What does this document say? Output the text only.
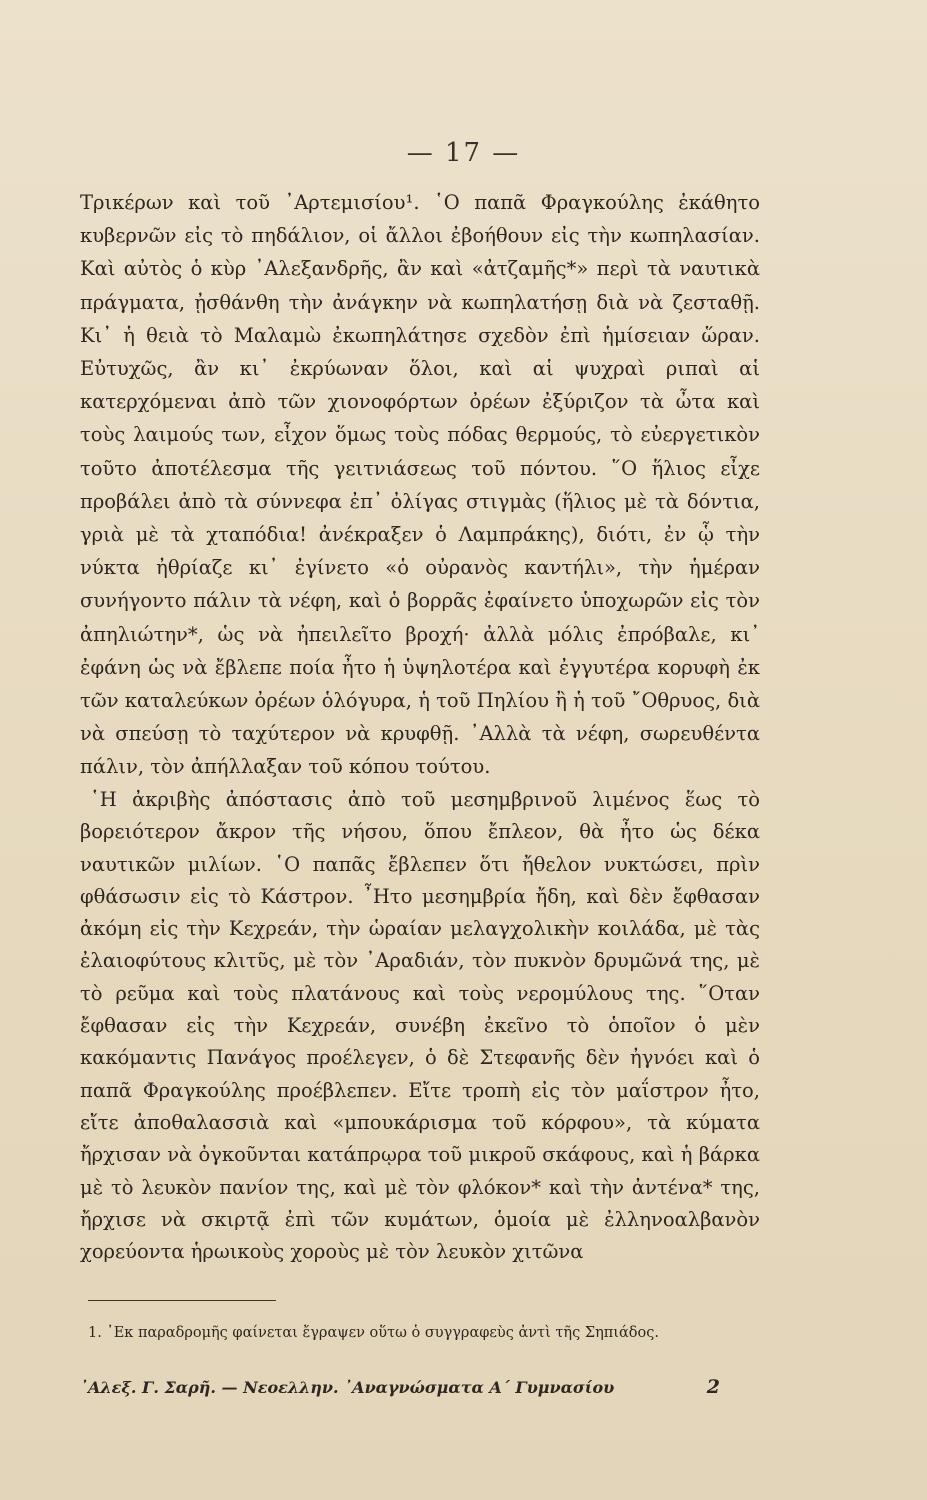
— 17 —
Τρικέρων καὶ τοῦ ᾿Αρτεμισίου¹. ῾Ο παπᾶ Φραγκούλης ἐκάθητο κυβερνῶν εἰς τὸ πηδάλιον, οἱ ἄλλοι ἐβοήθουν εἰς τὴν κωπηλασίαν. Καὶ αὐτὸς ὁ κὺρ ᾿Αλεξανδρῆς, ἂν καὶ «ἀτζαμῆς*» περὶ τὰ ναυτικὰ πράγματα, ᾐσθάνθη τὴν ἀνάγκην νὰ κωπηλατήσῃ διὰ νὰ ζεσταθῇ. Κι᾿ ἡ θειὰ τὸ Μαλαμὼ ἐκωπηλάτησε σχεδὸν ἐπὶ ἡμίσειαν ὥραν. Εὐτυχῶς, ἂν κι᾿ ἐκρύωναν ὅλοι, καὶ αἱ ψυχραὶ ριπαὶ αἱ κατερχόμεναι ἀπὸ τῶν χιονοφόρτων ὀρέων ἐξύριζον τὰ ὦτα καὶ τοὺς λαιμούς των, εἶχον ὅμως τοὺς πόδας θερμούς, τὸ εὐεργετικὸν τοῦτο ἀποτέλεσμα τῆς γειτνιάσεως τοῦ πόντου. ῞Ο ἥλιος εἶχε προβάλει ἀπὸ τὰ σύννεφα ἐπ᾿ ὀλίγας στιγμὰς (ἥλιος μὲ τὰ δόντια, γριὰ μὲ τὰ χταπόδια! ἀνέκραξεν ὁ Λαμπράκης), διότι, ἐν ᾧ τὴν νύκτα ἠθρίαζε κι᾿ ἐγίνετο «ὁ οὐρανὸς καντήλι», τὴν ἡμέραν συνήγοντο πάλιν τὰ νέφη, καὶ ὁ βορρᾶς ἐφαίνετο ὑποχωρῶν εἰς τὸν ἀπηλιώτην*, ὡς νὰ ἠπειλεῖτο βροχή· ἀλλὰ μόλις ἐπρόβαλε, κι᾿ ἐφάνη ὡς νὰ ἔβλεπε ποία ἦτο ἡ ὑψηλοτέρα καὶ ἐγγυτέρα κορυφὴ ἐκ τῶν καταλεύκων ὀρέων ὁλόγυρα, ἡ τοῦ Πηλίου ἢ ἡ τοῦ ῎Οθρυος, διὰ νὰ σπεύσῃ τὸ ταχύτερον νὰ κρυφθῇ. ᾿Αλλὰ τὰ νέφη, σωρευθέντα πάλιν, τὸν ἀπήλλαξαν τοῦ κόπου τούτου.
῾Η ἀκριβὴς ἀπόστασις ἀπὸ τοῦ μεσημβρινοῦ λιμένος ἕως τὸ βορειότερον ἄκρον τῆς νήσου, ὅπου ἔπλεον, θὰ ἦτο ὡς δέκα ναυτικῶν μιλίων. ῾Ο παπᾶς ἔβλεπεν ὅτι ἤθελον νυκτώσει, πρὶν φθάσωσιν εἰς τὸ Κάστρον. ῏Ητο μεσημβρία ἤδη, καὶ δὲν ἔφθασαν ἀκόμη εἰς τὴν Κεχρεάν, τὴν ὡραίαν μελαγχολικὴν κοιλάδα, μὲ τὰς ἐλαιοφύτους κλιτῦς, μὲ τὸν ᾿Αραδιάν, τὸν πυκνὸν δρυμῶνά της, μὲ τὸ ρεῦμα καὶ τοὺς πλατάνους καὶ τοὺς νερομύλους της. ῞Οταν ἔφθασαν εἰς τὴν Κεχρεάν, συνέβη ἐκεῖνο τὸ ὁποῖον ὁ μὲν κακόμαντις Πανάγος προέλεγεν, ὁ δὲ Στεφανῆς δὲν ἠγνόει καὶ ὁ παπᾶ Φραγκούλης προέβλεπεν. Εἴτε τροπὴ εἰς τὸν μαΐστρον ἦτο, εἴτε ἀποθαλασσιὰ καὶ «μπουκάρισμα τοῦ κόρφου», τὰ κύματα ἤρχισαν νὰ ὀγκοῦνται κατάπρῳρα τοῦ μικροῦ σκάφους, καὶ ἡ βάρκα μὲ τὸ λευκὸν πανίον της, καὶ μὲ τὸν φλόκον* καὶ τὴν ἀντένα* της, ἤρχισε νὰ σκιρτᾷ ἐπὶ τῶν κυμάτων, ὁμοία μὲ ἐλληνοαλβανὸν χορεύοντα ἡρωικοὺς χοροὺς μὲ τὸν λευκὸν χιτῶνα
1. ᾿Εκ παραδρομῆς φαίνεται ἔγραψεν οὕτω ὁ συγγραφεὺς ἀντὶ τῆς Σηπιάδος.
᾿Αλεξ. Γ. Σαρῆ. — Νεοελλην. ᾿Αναγνώσματα Α΄ Γυμνασίου	2
